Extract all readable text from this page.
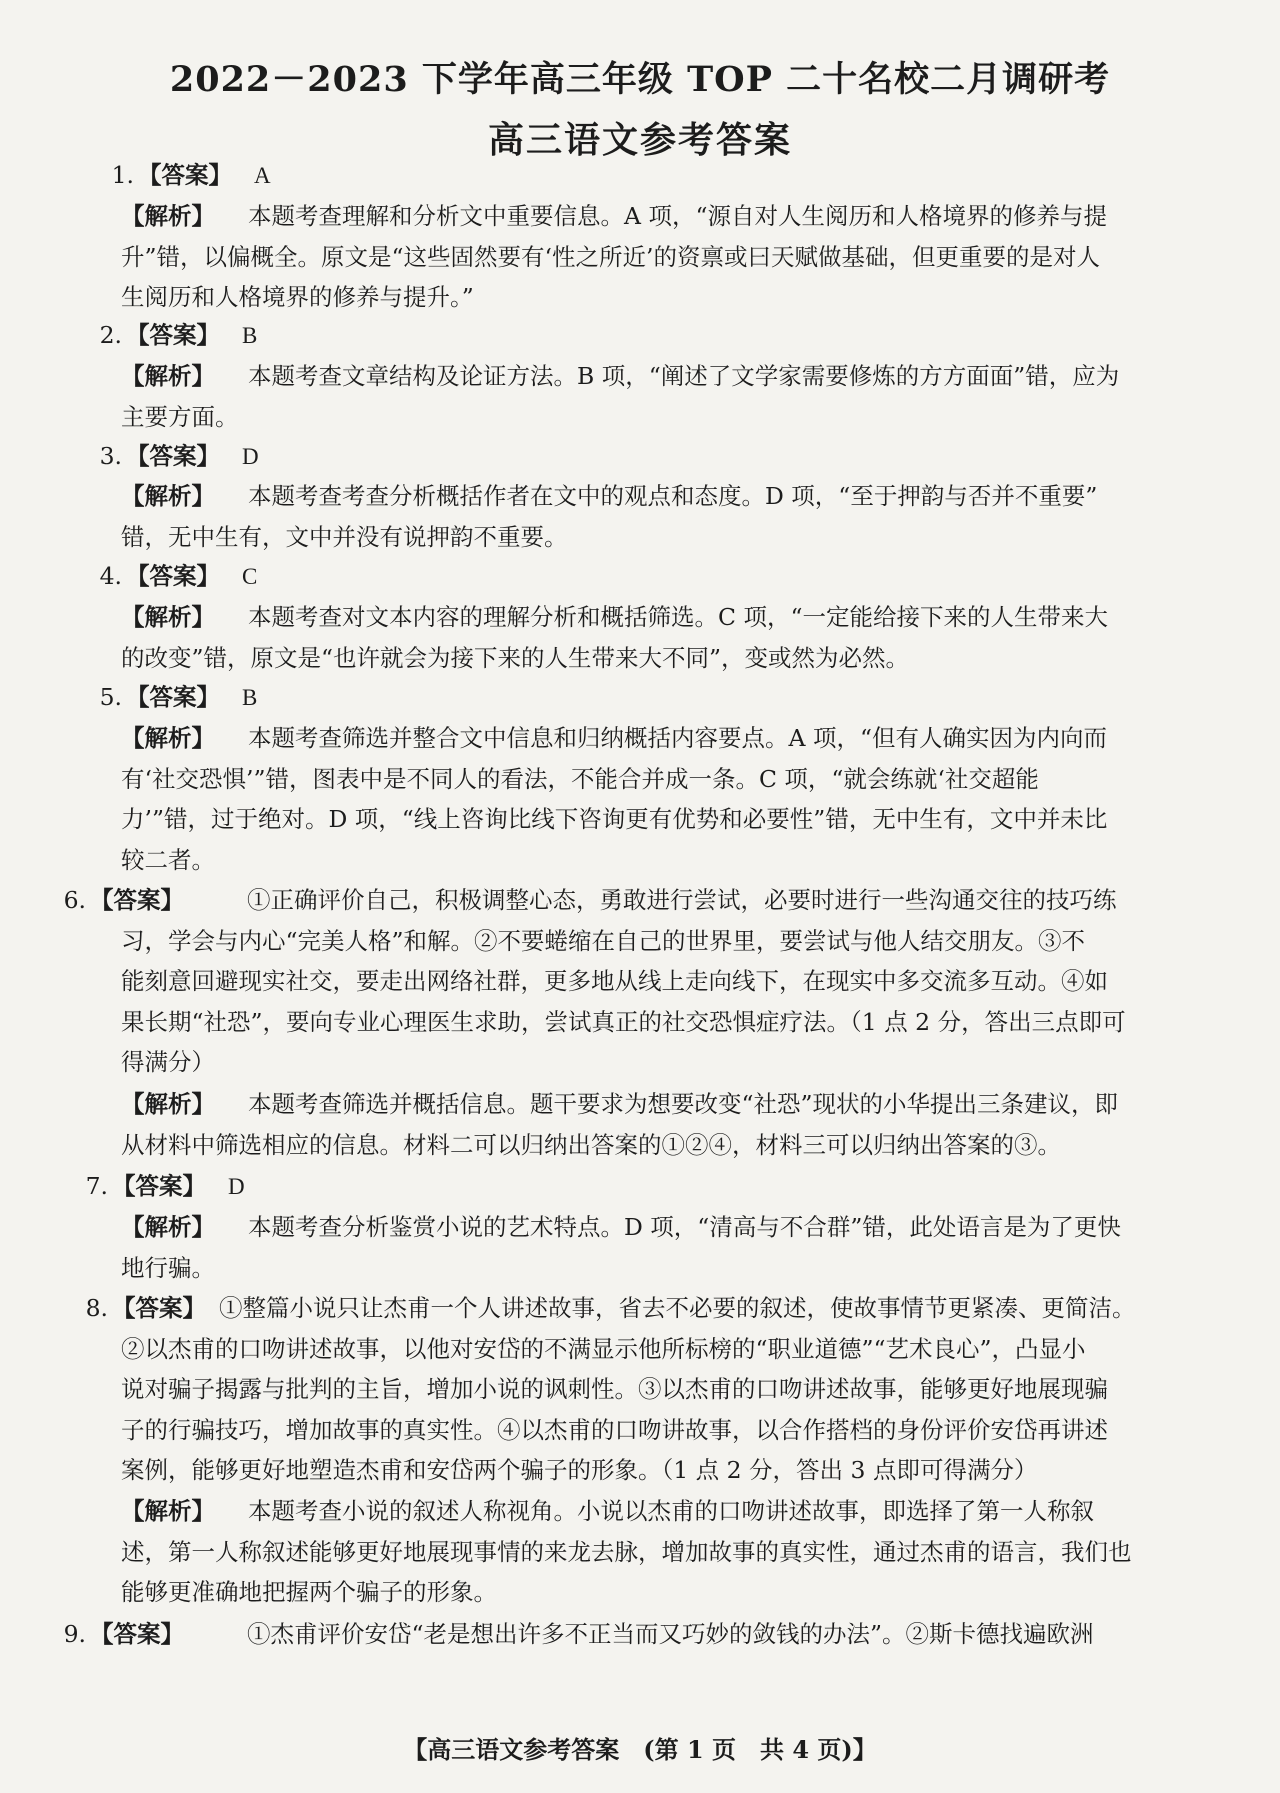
2022－2023 下学年高三年级 TOP 二十名校二月调研考
高三语文参考答案
1. 【答案】 A
【解析】	本题考查理解和分析文中重要信息。A 项，“源自对人生阅历和人格境界的修养与提
升”错，以偏概全。原文是“这些固然要有‘性之所近’的资禀或曰天赋做基础，但更重要的是对人
生阅历和人格境界的修养与提升。”
2. 【答案】 B
【解析】	本题考查文章结构及论证方法。B 项，“阐述了文学家需要修炼的方方面面”错，应为
主要方面。
3. 【答案】 D
【解析】	本题考查考查分析概括作者在文中的观点和态度。D 项，“至于押韵与否并不重要”
错，无中生有，文中并没有说押韵不重要。
4. 【答案】 C
【解析】	本题考查对文本内容的理解分析和概括筛选。C 项，“一定能给接下来的人生带来大
的改变”错，原文是“也许就会为接下来的人生带来大不同”，变或然为必然。
5. 【答案】 B
【解析】	本题考查筛选并整合文中信息和归纳概括内容要点。A 项，“但有人确实因为内向而
有‘社交恐惧’”错，图表中是不同人的看法，不能合并成一条。C 项，“就会练就‘社交超能
力’”错，过于绝对。D 项，“线上咨询比线下咨询更有优势和必要性”错，无中生有，文中并未比
较二者。
6. 【答案】	①正确评价自己，积极调整心态，勇敢进行尝试，必要时进行一些沟通交往的技巧练
习，学会与内心“完美人格”和解。②不要蜷缩在自己的世界里，要尝试与他人结交朋友。③不
能刻意回避现实社交，要走出网络社群，更多地从线上走向线下，在现实中多交流多互动。④如
果长期“社恐”，要向专业心理医生求助，尝试真正的社交恐惧症疗法。（1 点 2 分，答出三点即可
得满分）
【解析】	本题考查筛选并概括信息。题干要求为想要改变“社恐”现状的小华提出三条建议，即
从材料中筛选相应的信息。材料二可以归纳出答案的①②④，材料三可以归纳出答案的③。
7. 【答案】 D
【解析】	本题考查分析鉴赏小说的艺术特点。D 项，“清高与不合群”错，此处语言是为了更快
地行骗。
8. 【答案】 ①整篇小说只让杰甫一个人讲述故事，省去不必要的叙述，使故事情节更紧凑、更简洁。
②以杰甫的口吻讲述故事，以他对安岱的不满显示他所标榜的“职业道德”“艺术良心”，凸显小
说对骗子揭露与批判的主旨，增加小说的讽刺性。③以杰甫的口吻讲述故事，能够更好地展现骗
子的行骗技巧，增加故事的真实性。④以杰甫的口吻讲故事，以合作搭档的身份评价安岱再讲述
案例，能够更好地塑造杰甫和安岱两个骗子的形象。（1 点 2 分，答出 3 点即可得满分）
【解析】	本题考查小说的叙述人称视角。小说以杰甫的口吻讲述故事，即选择了第一人称叙
述，第一人称叙述能够更好地展现事情的来龙去脉，增加故事的真实性，通过杰甫的语言，我们也
能够更准确地把握两个骗子的形象。
9. 【答案】	①杰甫评价安岱“老是想出许多不正当而又巧妙的敛钱的办法”。②斯卡德找遍欧洲
【高三语文参考答案　(第 1 页　共 4 页)】
